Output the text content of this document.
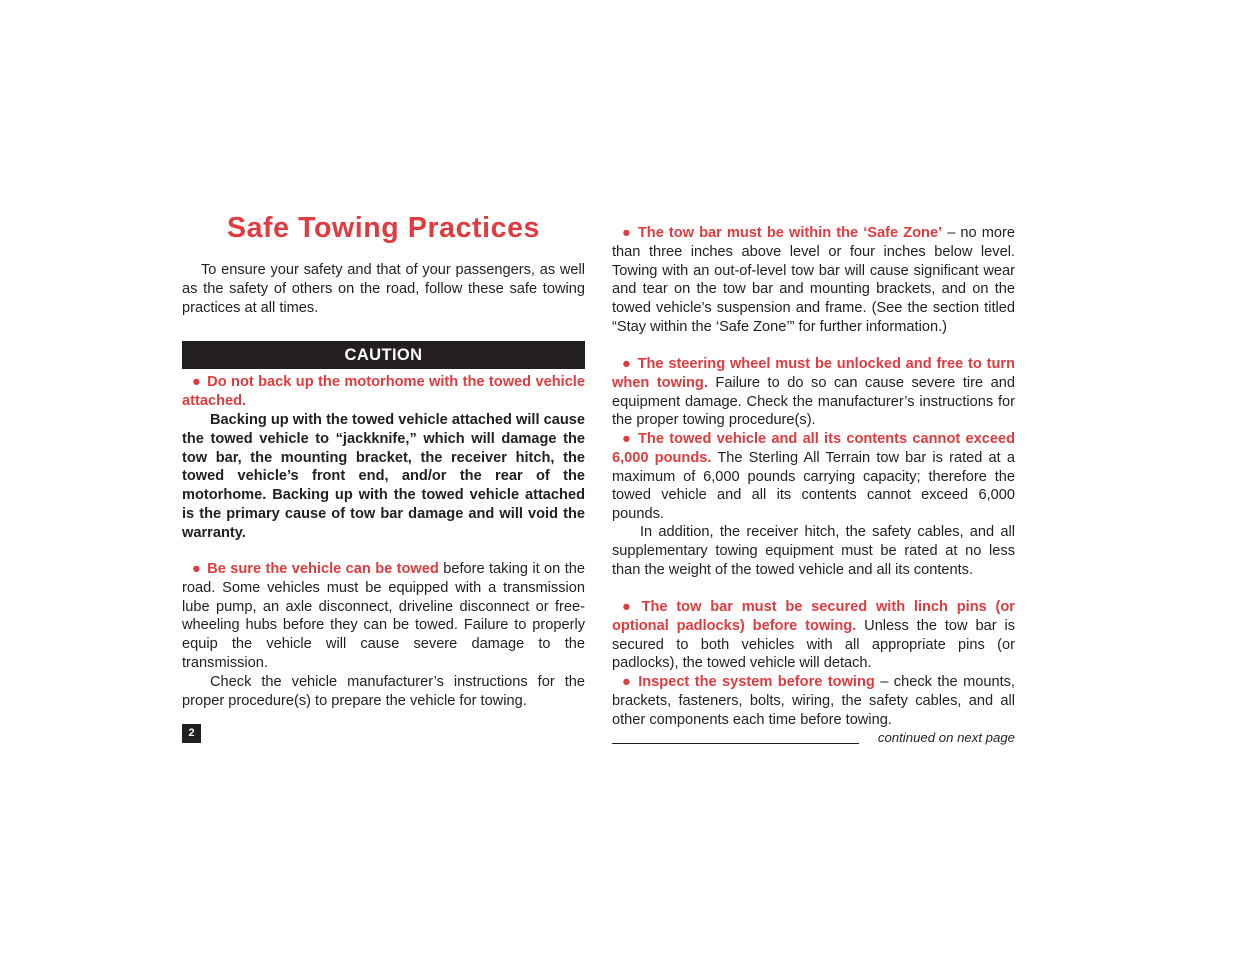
Safe Towing Practices

To ensure your safety and that of your passengers, as well as the safety of others on the road, follow these safe towing practices at all times.

CAUTION

● Do not back up the motorhome with the towed vehicle attached.

Backing up with the towed vehicle attached will cause the towed vehicle to “jackknife,” which will damage the tow bar, the mounting bracket, the receiver hitch, the towed vehicle’s front end, and/or the rear of the motorhome. Backing up with the towed vehicle attached is the primary cause of tow bar damage and will void the warranty.

● Be sure the vehicle can be towed before taking it on the road. Some vehicles must be equipped with a transmission lube pump, an axle disconnect, driveline disconnect or free-wheeling hubs before they can be towed. Failure to properly equip the vehicle will cause severe damage to the transmission.

Check the vehicle manufacturer’s instructions for the proper procedure(s) to prepare the vehicle for towing.

2

● The tow bar must be within the ‘Safe Zone’ – no more than three inches above level or four inches below level. Towing with an out-of-level tow bar will cause significant wear and tear on the tow bar and mounting brackets, and on the towed vehicle’s suspension and frame. (See the section titled “Stay within the ‘Safe Zone’” for further information.)

● The steering wheel must be unlocked and free to turn when towing. Failure to do so can cause severe tire and equipment damage. Check the manufacturer’s instructions for the proper towing procedure(s).

● The towed vehicle and all its contents cannot exceed 6,000 pounds. The Sterling All Terrain tow bar is rated at a maximum of 6,000 pounds carrying capacity; therefore the towed vehicle and all its contents cannot exceed 6,000 pounds.

In addition, the receiver hitch, the safety cables, and all supplementary towing equipment must be rated at no less than the weight of the towed vehicle and all its contents.

● The tow bar must be secured with linch pins (or optional padlocks) before towing. Unless the tow bar is secured to both vehicles with all appropriate pins (or padlocks), the towed vehicle will detach.

● Inspect the system before towing – check the mounts, brackets, fasteners, bolts, wiring, the safety cables, and all other components each time before towing.

continued on next page
